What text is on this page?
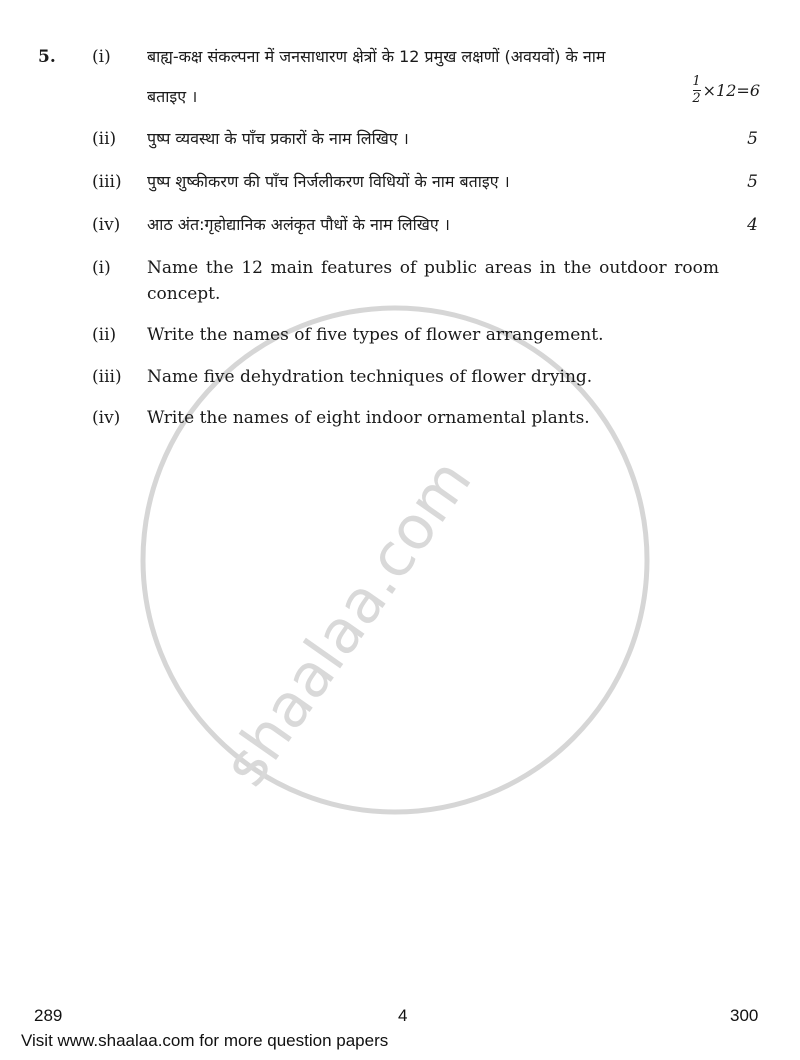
shaalaa.com
5. (i) बाह्य-कक्ष संकल्पना में जनसाधारण क्षेत्रों के 12 प्रमुख लक्षणों (अवयवों) के नाम
बताइए ।
1
2 ×12=6
(ii) पुष्प व्यवस्था के पाँच प्रकारों के नाम लिखिए ।	5
(iii) पुष्प शुष्कीकरण की पाँच निर्जलीकरण विधियों के नाम बताइए ।	5
(iv) आठ अंत:गृहोद्यानिक अलंकृत पौधों के नाम लिखिए ।	4
(i) Name the 12 main features of public areas in the outdoor room concept.
(ii) Write the names of five types of flower arrangement.
(iii) Name five dehydration techniques of flower drying.
(iv) Write the names of eight indoor ornamental plants.
289	4	300
Visit www.shaalaa.com for more question papers
